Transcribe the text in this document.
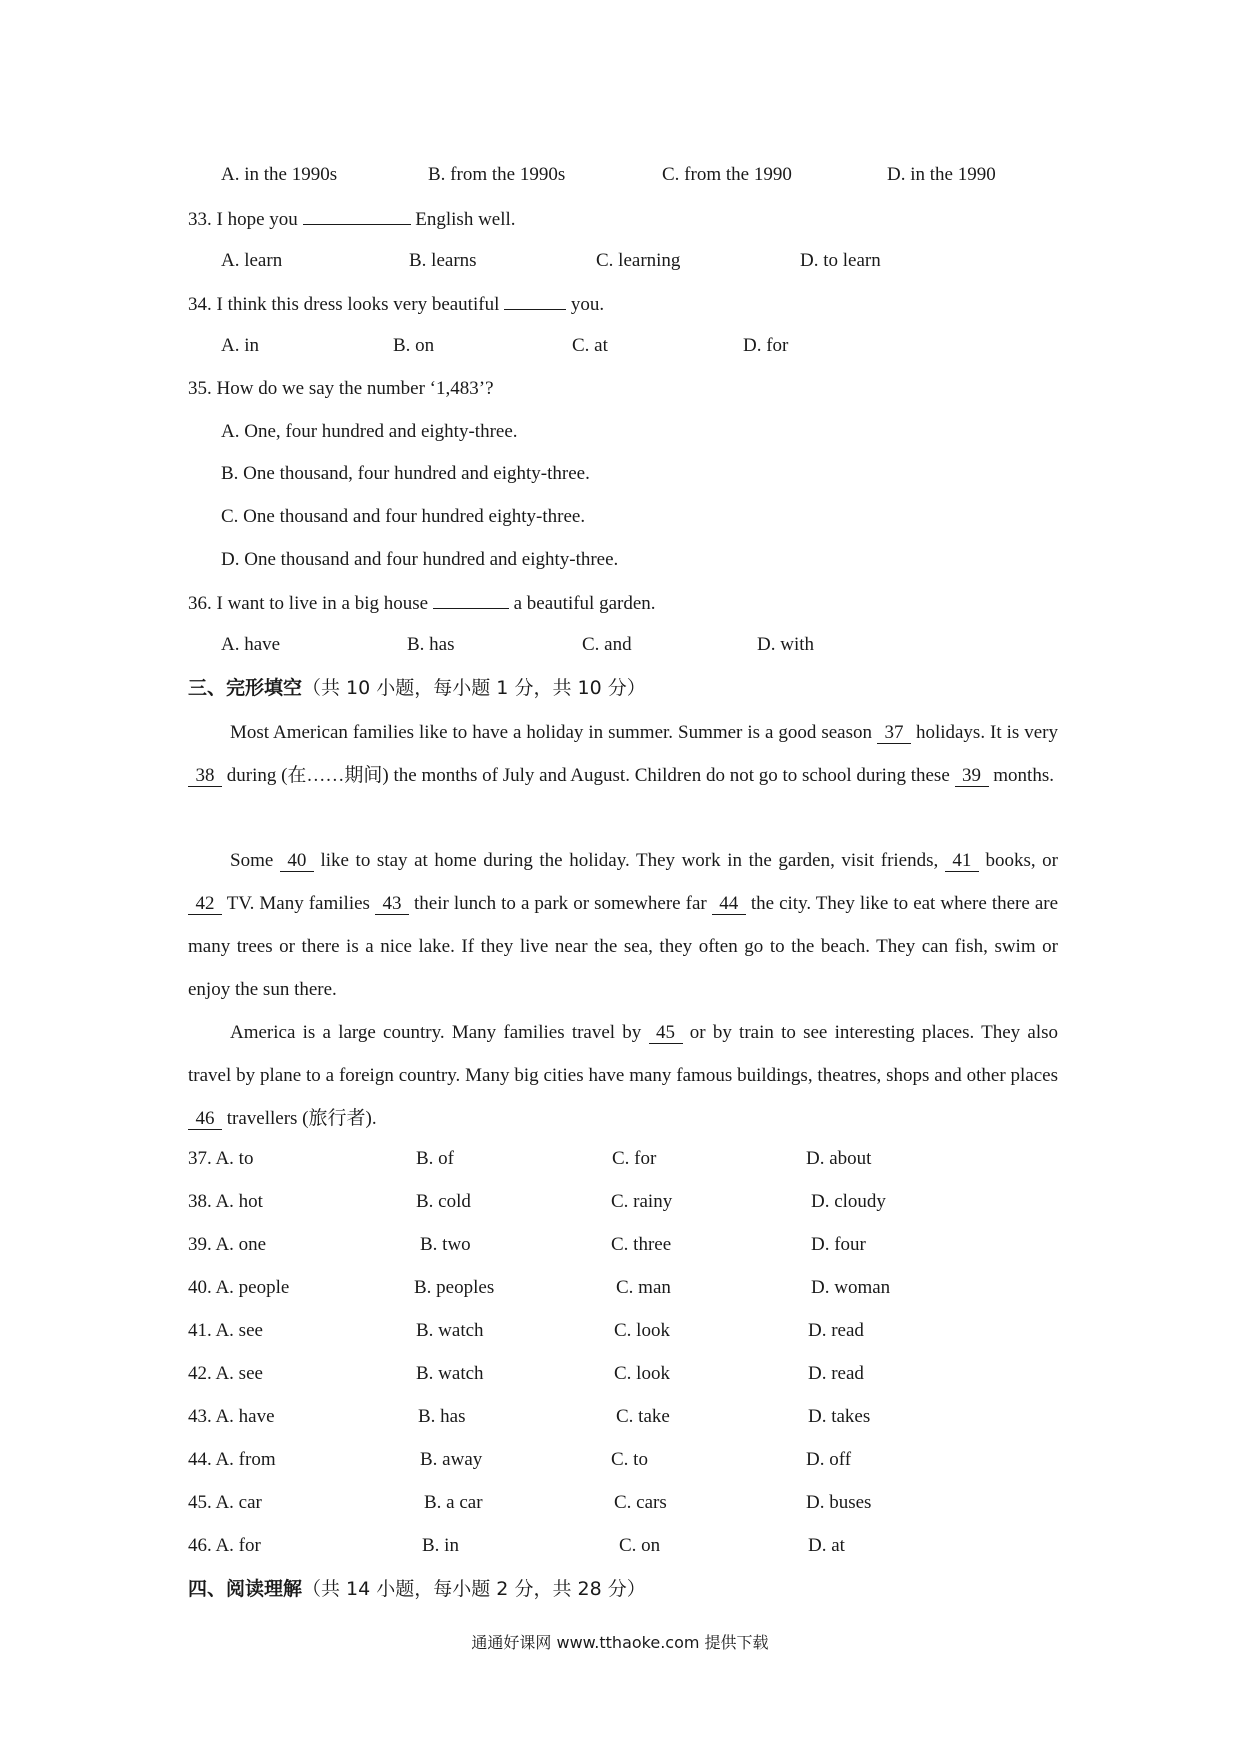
A. in the 1990s	B. from the 1990s	C. from the 1990	D. in the 1990
33. I hope you	English well.
A. learn	B. learns	C. learning	D. to learn
34. I think this dress looks very beautiful	you.
A. in	B. on	C. at	D. for
35. How do we say the number ‘1,483’?
A. One, four hundred and eighty-three.
B. One thousand, four hundred and eighty-three.
C. One thousand and four hundred eighty-three.
D. One thousand and four hundred and eighty-three.
36. I want to live in a big house	a beautiful garden.
A. have	B. has	C. and	D. with
三、完形填空（共 10 小题，每小题 1 分，共 10 分）
Most American families like to have a holiday in summer. Summer is a good season 37 holidays. It is very 38 during (在……期间) the months of July and August. Children do not go to school during these 39 months.
Some 40 like to stay at home during the holiday. They work in the garden, visit friends, 41 books, or 42 TV. Many families 43 their lunch to a park or somewhere far 44 the city. They like to eat where there are many trees or there is a nice lake. If they live near the sea, they often go to the beach. They can fish, swim or enjoy the sun there.
America is a large country. Many families travel by 45 or by train to see interesting places. They also travel by plane to a foreign country. Many big cities have many famous buildings, theatres, shops and other places 46 travellers (旅行者).
37. A. to	B. of	C. for	D. about
38. A. hot	B. cold	C. rainy	D. cloudy
39. A. one	B. two	C. three	D. four
40. A. people	B. peoples	C. man	D. woman
41. A. see	B. watch	C. look	D. read
42. A. see	B. watch	C. look	D. read
43. A. have	B. has	C. take	D. takes
44. A. from	B. away	C. to	D. off
45. A. car	B. a car	C. cars	D. buses
46. A. for	B. in	C. on	D. at
四、阅读理解（共 14 小题，每小题 2 分，共 28 分）
通通好课网 www.tthaoke.com 提供下载
